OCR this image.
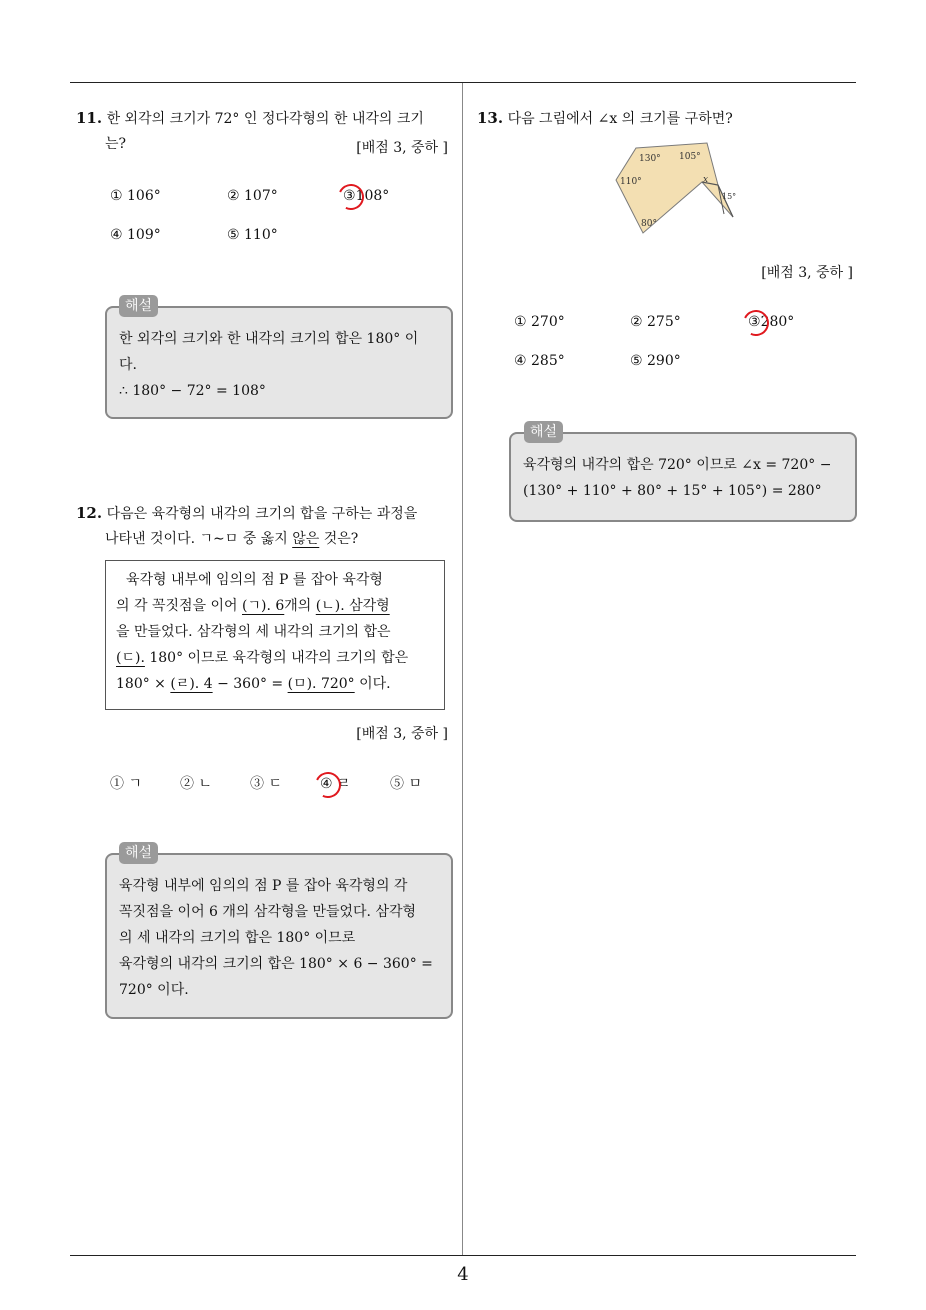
11. 한 외각의 크기가 72° 인 정다각형의 한 내각의 크기
는?	[배점 3, 중하 ]
① 106°	② 107°	③108°
④ 109°	⑤ 110°
한 외각의 크기와 한 내각의 크기의 합은 180° 이
다.
∴ 180° − 72° = 108°
해설
12. 다음은 육각형의 내각의 크기의 합을 구하는 과정을
나타낸 것이다. ㄱ∼ㅁ 중 옳지 않은 것은?
육각형 내부에 임의의 점 P 를 잡아 육각형
의 각 꼭짓점을 이어 (ㄱ). 6개의 (ㄴ). 삼각형
을 만들었다. 삼각형의 세 내각의 크기의 합은
(ㄷ). 180° 이므로 육각형의 내각의 크기의 합은
180° × (ㄹ). 4 − 360° = (ㅁ). 720° 이다.
[배점 3, 중하 ]
① ㄱ	② ㄴ	③ ㄷ	④ ㄹ	⑤ ㅁ
육각형 내부에 임의의 점 P 를 잡아 육각형의 각
꼭짓점을 이어 6 개의 삼각형을 만들었다. 삼각형
의 세 내각의 크기의 합은 180° 이므로
육각형의 내각의 크기의 합은 180° × 6 − 360° =
720° 이다.
해설
13. 다음 그림에서 ∠x 의 크기를 구하면?
130° 105°
110°	x
15°
80°
[배점 3, 중하 ]
① 270°	② 275°	③280°
④ 285°	⑤ 290°
육각형의 내각의 합은 720° 이므로 ∠x = 720° −
(130° + 110° + 80° + 15° + 105°) = 280°
해설
4
